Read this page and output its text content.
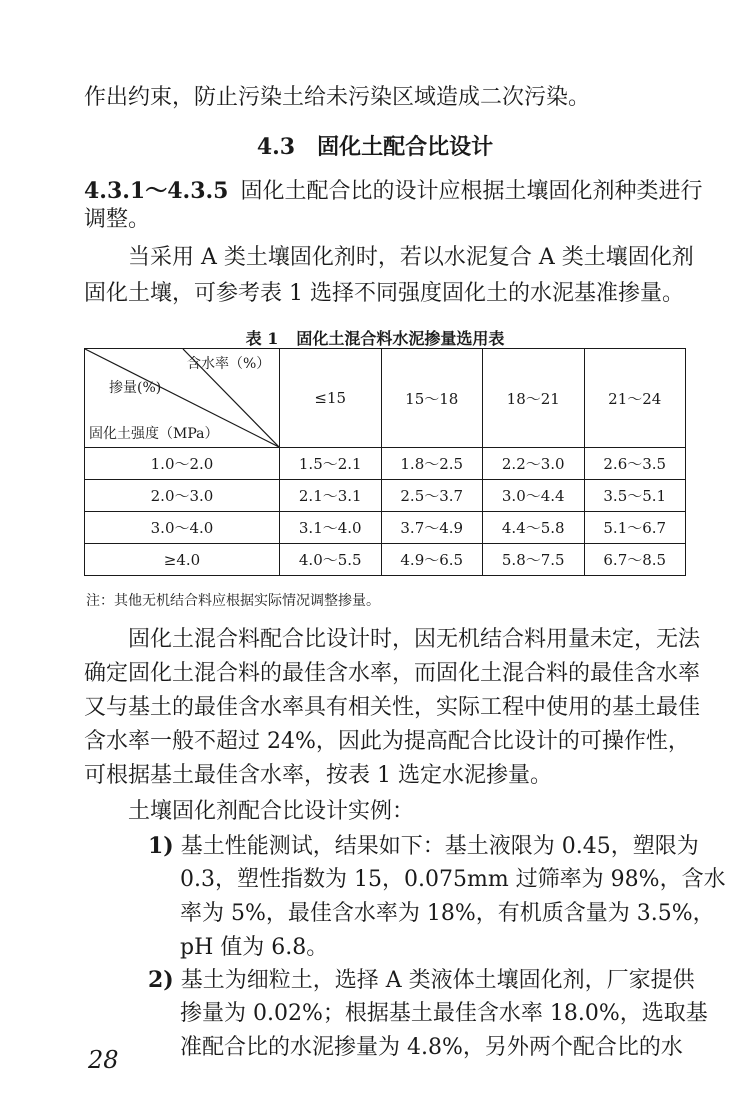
作出约束，防止污染土给未污染区域造成二次污染。
4.3 固化土配合比设计
4.3.1～4.3.5 固化土配合比的设计应根据土壤固化剂种类进行
调整。
当采用 A 类土壤固化剂时，若以水泥复合 A 类土壤固化剂
固化土壤，可参考表 1 选择不同强度固化土的水泥基准掺量。
表 1 固化土混合料水泥掺量选用表
含水率（%）
掺量(%)
固化土强度（MPa）	≤15	15～18	18～21	21～24
1.0～2.0	1.5～2.1	1.8～2.5	2.2～3.0	2.6～3.5
2.0～3.0	2.1～3.1	2.5～3.7	3.0～4.4	3.5～5.1
3.0～4.0	3.1～4.0	3.7～4.9	4.4～5.8	5.1～6.7
≥4.0	4.0～5.5	4.9～6.5	5.8～7.5	6.7～8.5
注：其他无机结合料应根据实际情况调整掺量。
固化土混合料配合比设计时，因无机结合料用量未定，无法
确定固化土混合料的最佳含水率，而固化土混合料的最佳含水率
又与基土的最佳含水率具有相关性，实际工程中使用的基土最佳
含水率一般不超过 24%，因此为提高配合比设计的可操作性，
可根据基土最佳含水率，按表 1 选定水泥掺量。
土壤固化剂配合比设计实例：
1) 基土性能测试，结果如下：基土液限为 0.45，塑限为
0.3，塑性指数为 15，0.075mm 过筛率为 98%，含水
率为 5%，最佳含水率为 18%，有机质含量为 3.5%，
pH 值为 6.8。
2) 基土为细粒土，选择 A 类液体土壤固化剂，厂家提供
掺量为 0.02%；根据基土最佳含水率 18.0%，选取基
准配合比的水泥掺量为 4.8%，另外两个配合比的水
28
